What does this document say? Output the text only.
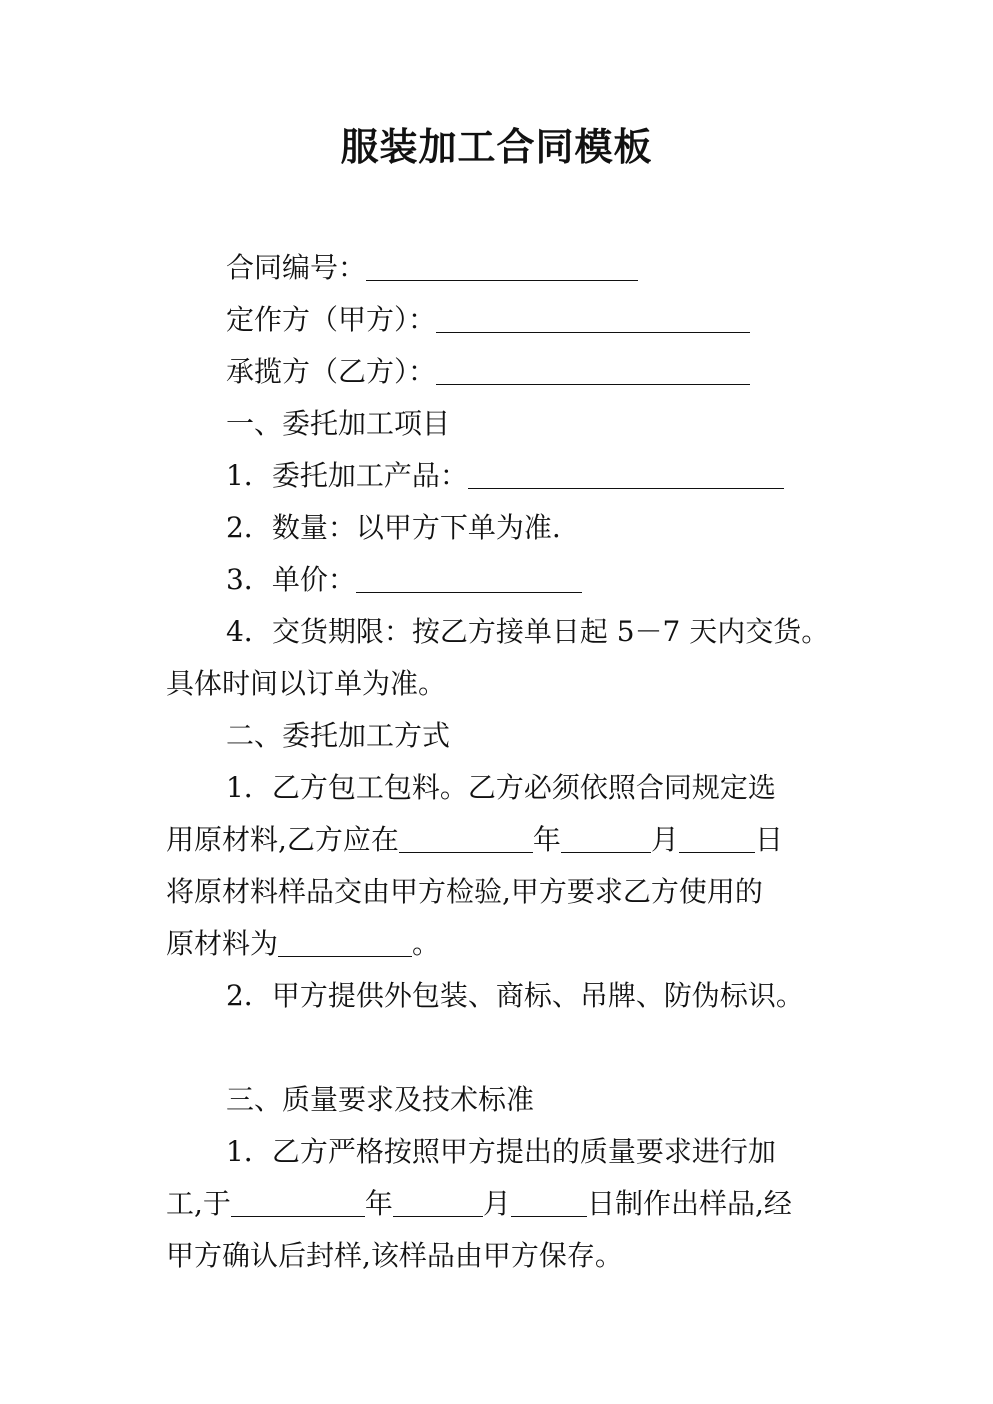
服装加工合同模板
合同编号：
定作方（甲方）：
承揽方（乙方）：
一、委托加工项目
1．委托加工产品：
2．数量：以甲方下单为准.
3．单价：
4．交货期限：按乙方接单日起 5－7 天内交货。
具体时间以订单为准。
二、委托加工方式
1．乙方包工包料。乙方必须依照合同规定选
用原材料,乙方应在	年	月	日
将原材料样品交由甲方检验,甲方要求乙方使用的
原材料为	。
2．甲方提供外包装、商标、吊牌、防伪标识。
三、质量要求及技术标准
1．乙方严格按照甲方提出的质量要求进行加
工,于	年	月	日制作出样品,经
甲方确认后封样,该样品由甲方保存。
